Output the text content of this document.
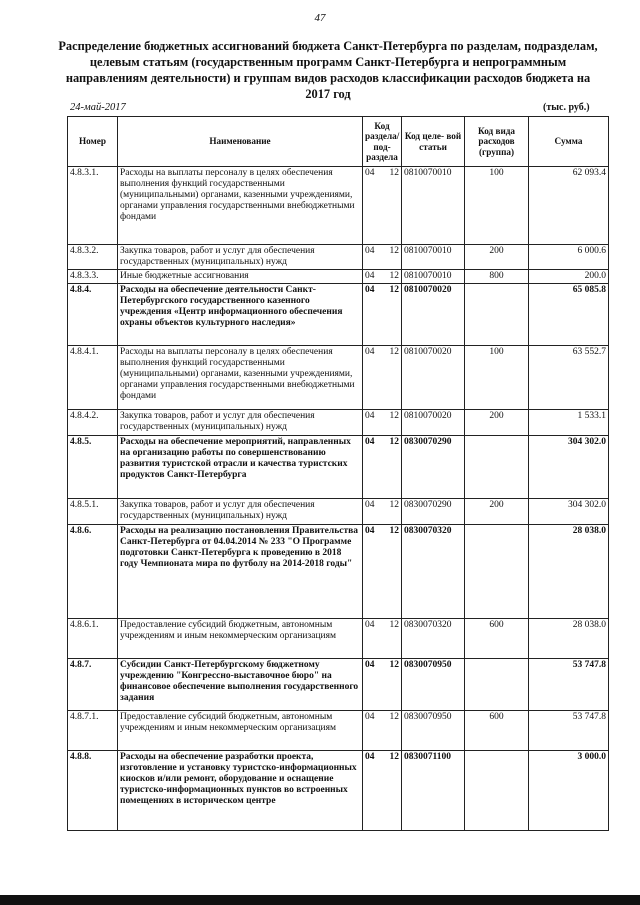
47
Распределение бюджетных ассигнований бюджета Санкт-Петербурга по разделам, подразделам, целевым статьям (государственным программ Санкт-Петербурга и непрограммным направлениям деятельности) и группам видов расходов классификации расходов бюджета на 2017 год
24-май-2017	(тыс. руб.)
Номер	Наименование	Код раздела/ под- раздела		Код целе- вой статьи	Код вида расходов (группа)	Сумма
4.8.3.1.	Расходы на выплаты персоналу в целях обеспечения выполнения функций государственными (муниципальными) органами, казенными учреждениями, органами управления государственными внебюджетными фондами	04	12	0810070010	100	62 093.4
4.8.3.2.	Закупка товаров, работ и услуг для обеспечения государственных (муниципальных) нужд	04	12	0810070010	200	6 000.6
4.8.3.3.	Иные бюджетные ассигнования	04	12	0810070010	800	200.0
4.8.4.	Расходы на обеспечение деятельности Санкт-Петербургского государственного казенного учреждения «Центр информационного обеспечения охраны объектов культурного наследия»	04	12	0810070020		65 085.8
4.8.4.1.	Расходы на выплаты персоналу в целях обеспечения выполнения функций государственными (муниципальными) органами, казенными учреждениями, органами управления государственными внебюджетными фондами	04	12	0810070020	100	63 552.7
4.8.4.2.	Закупка товаров, работ и услуг для обеспечения государственных (муниципальных) нужд	04	12	0810070020	200	1 533.1
4.8.5.	Расходы на обеспечение мероприятий, направленных на организацию работы по совершенствованию развития туристской отрасли и качества туристских продуктов Санкт-Петербурга	04	12	0830070290		304 302.0
4.8.5.1.	Закупка товаров, работ и услуг для обеспечения государственных (муниципальных) нужд	04	12	0830070290	200	304 302.0
4.8.6.	Расходы на реализацию постановления Правительства Санкт-Петербурга от 04.04.2014 № 233 "О Программе подготовки Санкт-Петербурга к проведению в 2018 году Чемпионата мира по футболу на 2014-2018 годы"	04	12	0830070320		28 038.0
4.8.6.1.	Предоставление субсидий бюджетным, автономным учреждениям и иным некоммерческим организациям	04	12	0830070320	600	28 038.0
4.8.7.	Субсидии Санкт-Петербургскому бюджетному учреждению "Конгрессно-выставочное бюро" на финансовое обеспечение выполнения государственного задания	04	12	0830070950		53 747.8
4.8.7.1.	Предоставление субсидий бюджетным, автономным учреждениям и иным некоммерческим организациям	04	12	0830070950	600	53 747.8
4.8.8.	Расходы на обеспечение разработки проекта, изготовление и установку туристско-информационных киосков и/или ремонт, оборудование и оснащение туристско-информационных пунктов во встроенных помещениях в историческом центре	04	12	0830071100		3 000.0
